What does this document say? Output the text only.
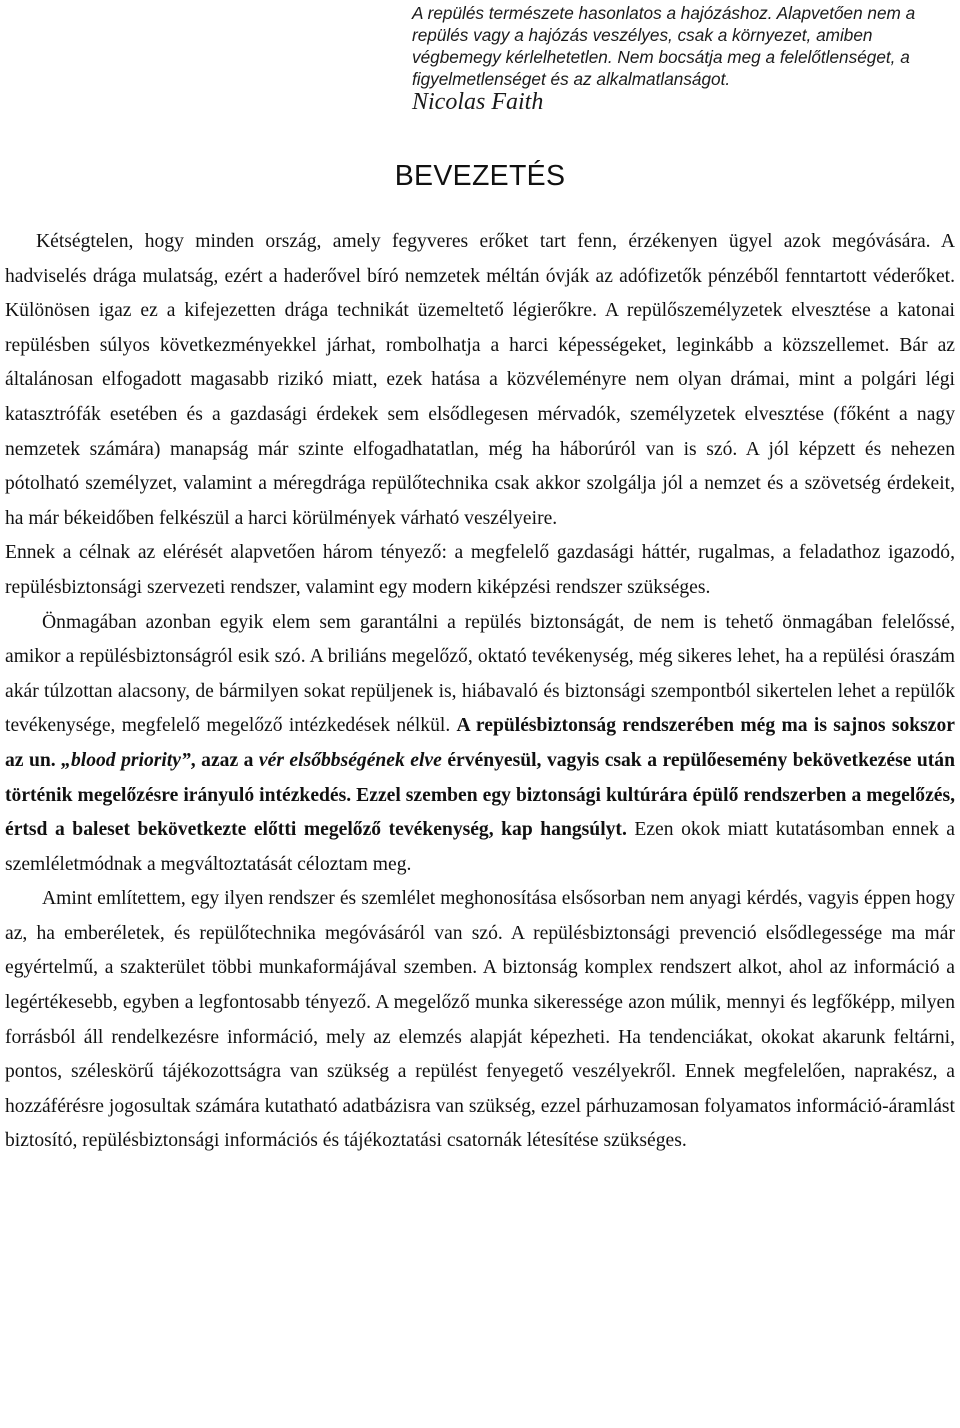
A repülés természete hasonlatos a hajózáshoz. Alapvetően nem a repülés vagy a hajózás veszélyes, csak a környezet, amiben végbemegy kérlelhetetlen. Nem bocsátja meg a felelőtlenséget, a figyelmetlenséget és az alkalmatlanságot.
Nicolas Faith
BEVEZETÉS

Kétségtelen, hogy minden ország, amely fegyveres erőket tart fenn, érzékenyen ügyel azok megóvására. A hadviselés drága mulatság, ezért a haderővel bíró nemzetek méltán óvják az adófizetők pénzéből fenntartott véderőket. Különösen igaz ez a kifejezetten drága technikát üzemeltető légierőkre. A repülőszemélyzetek elvesztése a katonai repülésben súlyos következményekkel járhat, rombolhatja a harci képességeket, leginkább a közszellemet. Bár az általánosan elfogadott magasabb rizikó miatt, ezek hatása a közvéleményre nem olyan drámai, mint a polgári légi katasztrófák esetében és a gazdasági érdekek sem elsődlegesen mérvadók, személyzetek elvesztése (főként a nagy nemzetek számára) manapság már szinte elfogadhatatlan, még ha háborúról van is szó. A jól képzett és nehezen pótolható személyzet, valamint a méregdrága repülőtechnika csak akkor szolgálja jól a nemzet és a szövetség érdekeit, ha már békeidőben felkészül a harci körülmények várható veszélyeire.

Ennek a célnak az elérését alapvetően három tényező: a megfelelő gazdasági háttér, rugalmas, a feladathoz igazodó, repülésbiztonsági szervezeti rendszer, valamint egy modern kiképzési rendszer szükséges.

Önmagában azonban egyik elem sem garantálni a repülés biztonságát, de nem is tehető önmagában felelőssé, amikor a repülésbiztonságról esik szó. A briliáns megelőző, oktató tevékenység, még sikeres lehet, ha a repülési óraszám akár túlzottan alacsony, de bármilyen sokat repüljenek is, hiábavaló és biztonsági szempontból sikertelen lehet a repülők tevékenysége, megfelelő megelőző intézkedések nélkül. A repülésbiztonság rendszerében még ma is sajnos sokszor az un. „blood priority”, azaz a vér elsőbbségének elve érvényesül, vagyis csak a repülőesemény bekövetkezése után történik megelőzésre irányuló intézkedés. Ezzel szemben egy biztonsági kultúrára épülő rendszerben a megelőzés, értsd a baleset bekövetkezte előtti megelőző tevékenység, kap hangsúlyt. Ezen okok miatt kutatásomban ennek a szemléletmódnak a megváltoztatását céloztam meg.

Amint említettem, egy ilyen rendszer és szemlélet meghonosítása elsősorban nem anyagi kérdés, vagyis éppen hogy az, ha emberéletek, és repülőtechnika megóvásáról van szó. A repülésbiztonsági prevenció elsődlegessége ma már egyértelmű, a szakterület többi munkaformájával szemben. A biztonság komplex rendszert alkot, ahol az információ a legértékesebb, egyben a legfontosabb tényező. A megelőző munka sikeressége azon múlik, mennyi és legfőképp, milyen forrásból áll rendelkezésre információ, mely az elemzés alapját képezheti. Ha tendenciákat, okokat akarunk feltárni, pontos, széleskörű tájékozottságra van szükség a repülést fenyegető veszélyekről. Ennek megfelelően, naprakész, a hozzáférésre jogosultak számára kutatható adatbázisra van szükség, ezzel párhuzamosan folyamatos információ-áramlást biztosító, repülésbiztonsági információs és tájékoztatási csatornák létesítése szükséges.
